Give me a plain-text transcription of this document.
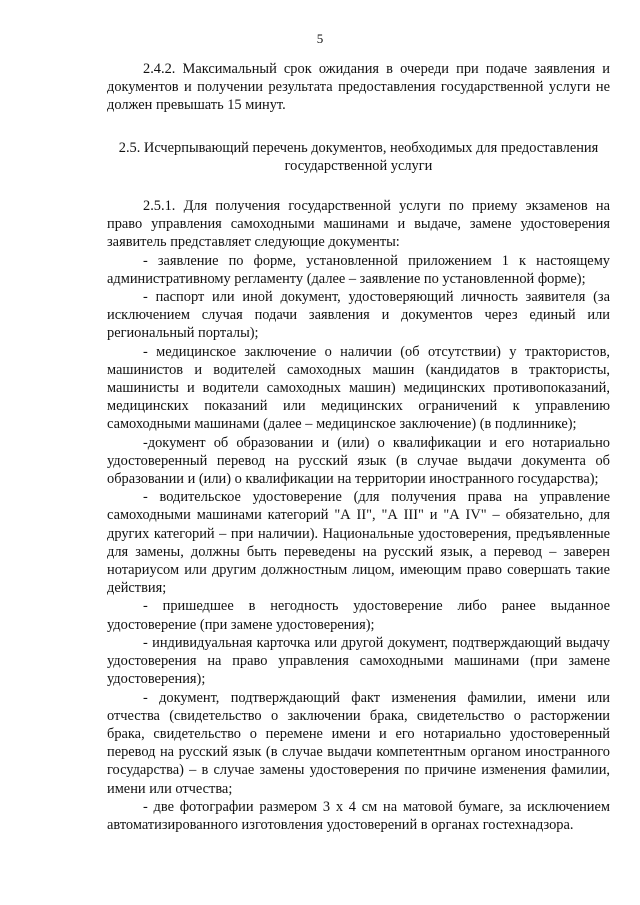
5

2.4.2. Максимальный срок ожидания в очереди при подаче заявления и документов и получении результата предоставления государственной услуги не должен превышать 15 минут.

2.5. Исчерпывающий перечень документов, необходимых для предоставления государственной услуги

2.5.1. Для получения государственной услуги по приему экзаменов на право управления самоходными машинами и выдаче, замене удостоверения заявитель представляет следующие документы:

- заявление по форме, установленной приложением 1 к настоящему административному регламенту (далее – заявление по установленной форме);

- паспорт или иной документ, удостоверяющий личность заявителя (за исключением случая подачи заявления и документов через единый или региональный порталы);

- медицинское заключение о наличии (об отсутствии) у трактористов, машинистов и водителей самоходных машин (кандидатов в трактористы, машинисты и водители самоходных машин) медицинских противопоказаний, медицинских показаний или медицинских ограничений к управлению самоходными машинами (далее – медицинское заключение) (в подлиннике);

-документ об образовании и (или) о квалификации и его нотариально удостоверенный перевод на русский язык (в случае выдачи документа об образовании и (или) о квалификации на территории иностранного государства);

- водительское удостоверение (для получения права на управление самоходными машинами категорий "А II", "А III" и "А IV" – обязательно, для других категорий – при наличии). Национальные удостоверения, предъявленные для замены, должны быть переведены на русский язык, а перевод – заверен нотариусом или другим должностным лицом, имеющим право совершать такие действия;

- пришедшее в негодность удостоверение либо ранее выданное удостоверение (при замене удостоверения);

- индивидуальная карточка или другой документ, подтверждающий выдачу удостоверения на право управления самоходными машинами (при замене удостоверения);

- документ, подтверждающий факт изменения фамилии, имени или отчества (свидетельство о заключении брака, свидетельство о расторжении брака, свидетельство о перемене имени и его нотариально удостоверенный перевод на русский язык (в случае выдачи компетентным органом иностранного государства) – в случае замены удостоверения по причине изменения фамилии, имени или отчества;

- две фотографии размером 3 х 4 см на матовой бумаге, за исключением автоматизированного изготовления удостоверений в органах гостехнадзора.
